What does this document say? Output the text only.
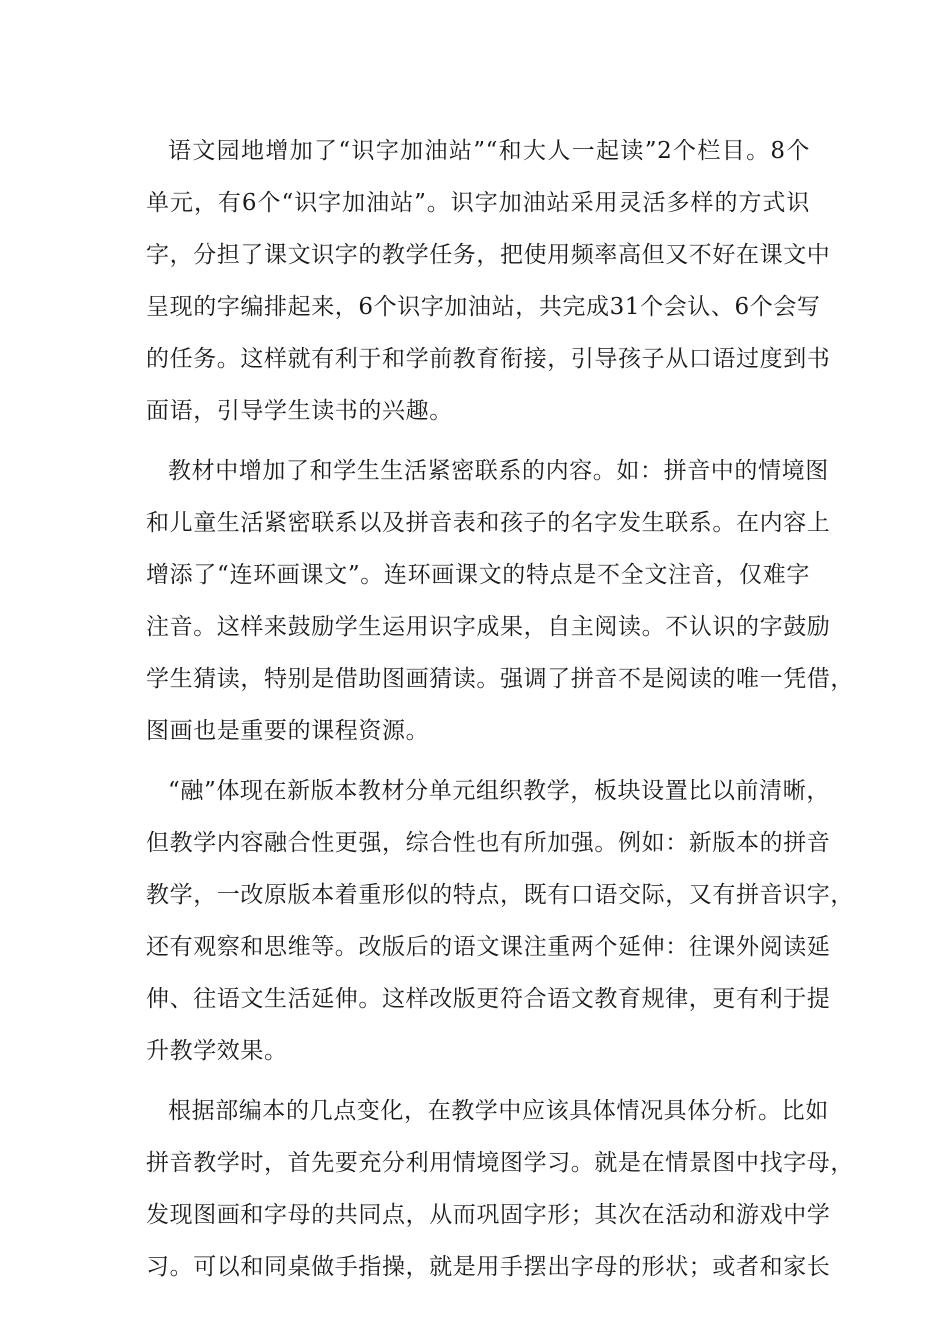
语文园地增加了“识字加油站”“和大人一起读”2个栏目。8个
单元，有6个“识字加油站”。识字加油站采用灵活多样的方式识
字，分担了课文识字的教学任务，把使用频率高但又不好在课文中
呈现的字编排起来，6个识字加油站，共完成31个会认、6个会写
的任务。这样就有利于和学前教育衔接，引导孩子从口语过度到书
面语，引导学生读书的兴趣。

教材中增加了和学生生活紧密联系的内容。如：拼音中的情境图
和儿童生活紧密联系以及拼音表和孩子的名字发生联系。在内容上
增添了“连环画课文”。连环画课文的特点是不全文注音，仅难字
注音。这样来鼓励学生运用识字成果，自主阅读。不认识的字鼓励
学生猜读，特别是借助图画猜读。强调了拼音不是阅读的唯一凭借，
图画也是重要的课程资源。

“融”体现在新版本教材分单元组织教学，板块设置比以前清晰，
但教学内容融合性更强，综合性也有所加强。例如：新版本的拼音
教学，一改原版本着重形似的特点，既有口语交际，又有拼音识字，
还有观察和思维等。改版后的语文课注重两个延伸：往课外阅读延
伸、往语文生活延伸。这样改版更符合语文教育规律，更有利于提
升教学效果。

根据部编本的几点变化，在教学中应该具体情况具体分析。比如
拼音教学时，首先要充分利用情境图学习。就是在情景图中找字母，
发现图画和字母的共同点，从而巩固字形；其次在活动和游戏中学
习。可以和同桌做手指操，就是用手摆出字母的形状；或者和家长
